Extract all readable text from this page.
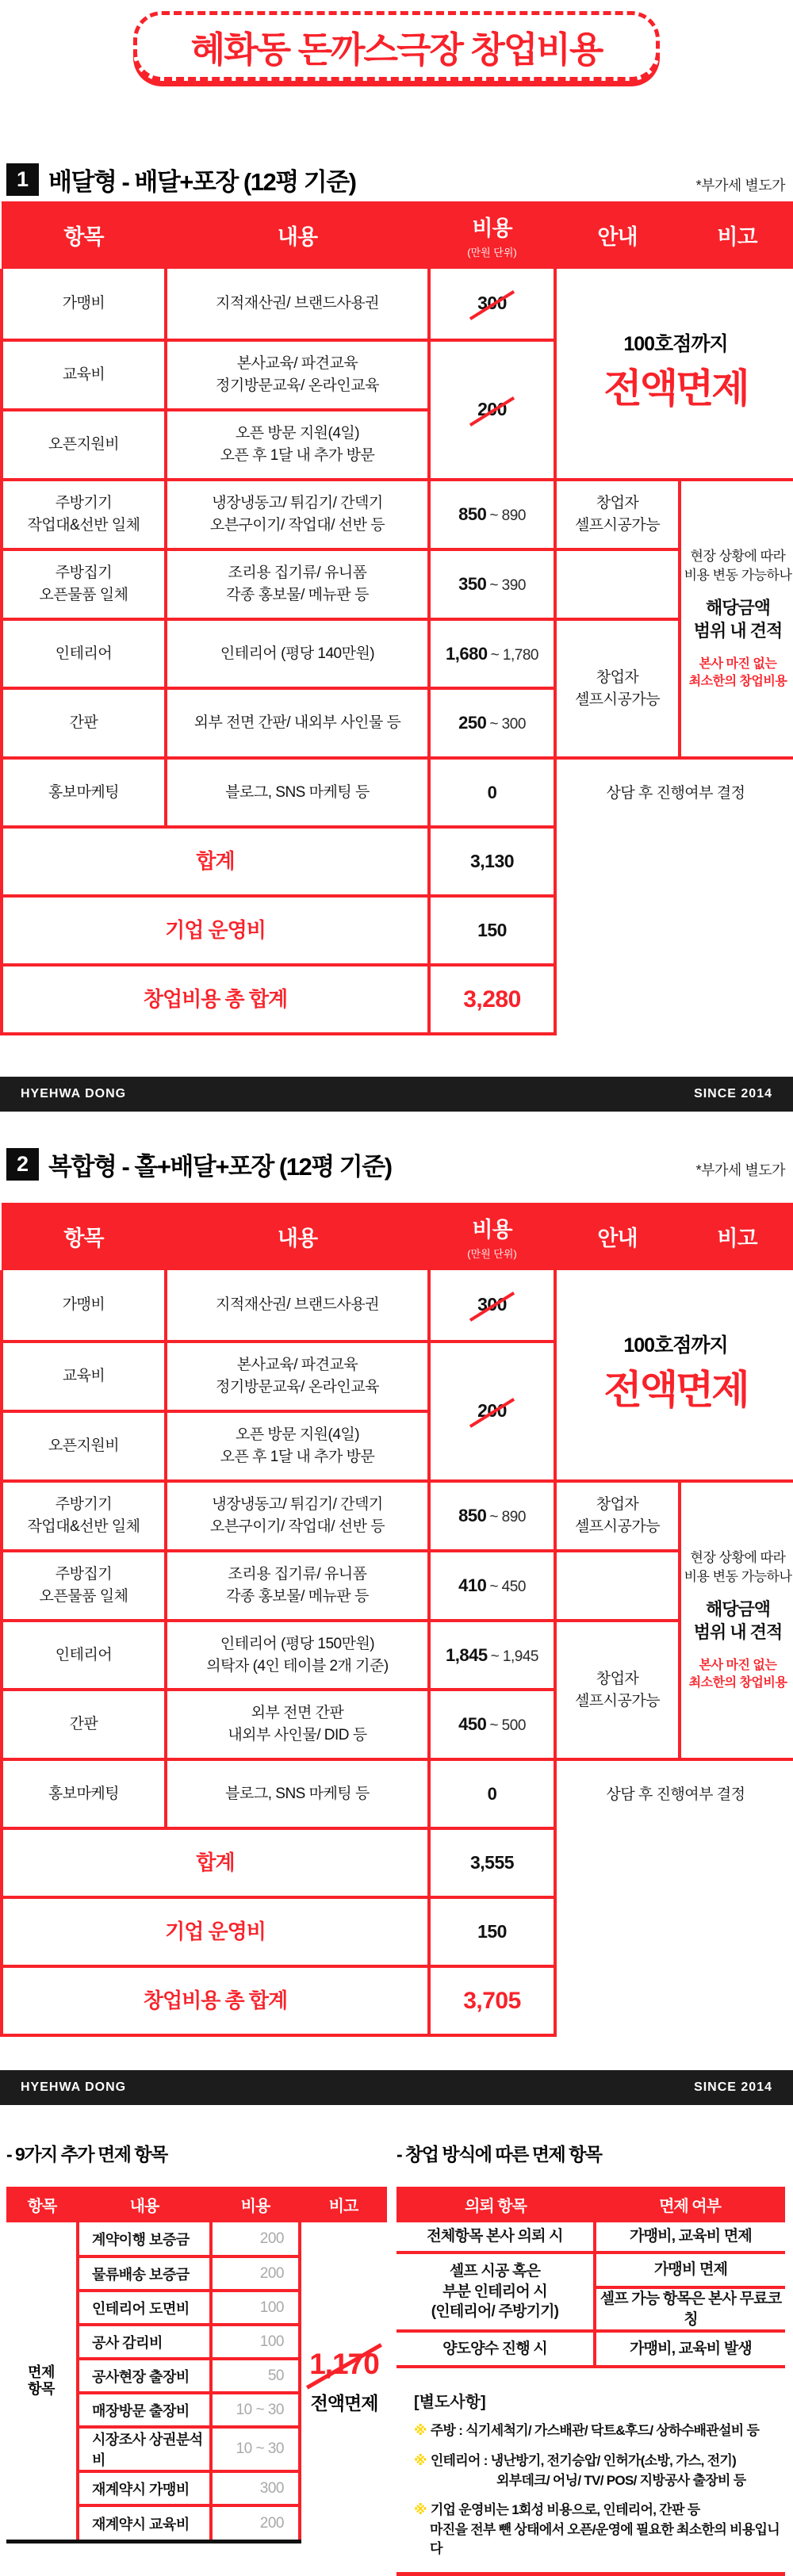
혜화동 돈까스극장 창업비용
1 배달형 - 배달+포장 (12평 기준)	*부가세 별도가
항목	내용	비용
(만원 단위)	안내	비고
가맹비	지적재산권/ 브랜드사용권	300	100호점까지
전액면제	

교육비	본사교육/ 파견교육
정기방문교육/ 온라인교육	200		
오픈지원비	오픈 방문 지원(4일)
오픈 후 1달 내 추가 방문			
주방기기
작업대&선반 일체	냉장냉동고/ 튀김기/ 간덱기
오븐구이기/ 작업대/ 선반 등	850 ~ 890	창업자
셀프시공가능

현장 상황에 따라
비용 변동 가능하나
해당금액
범위 내 견적
본사 마진 없는
최소한의 창업비용

주방집기
오픈물품 일체	조리용 집기류/ 유니폼
각종 홍보물/ 메뉴판 등	350 ~ 390		
인테리어	인테리어 (평당 140만원)	1,680 ~ 1,780	창업자
셀프시공가능	

간판	외부 전면 간판/ 내외부 사인물 등	250 ~ 300		
홍보마케팅	블로그, SNS 마케팅 등	0	상담 후 진행여부 결정	
합계		3,130		
기업 운영비		150		
창업비용 총 합계		3,280		
HYEHWA DONG	SINCE 2014
2 복합형 - 홀+배달+포장 (12평 기준)	*부가세 별도가
항목	내용	비용
(만원 단위)	안내	비고
가맹비	지적재산권/ 브랜드사용권	300	100호점까지
전액면제	

교육비	본사교육/ 파견교육
정기방문교육/ 온라인교육	200		
오픈지원비	오픈 방문 지원(4일)
오픈 후 1달 내 추가 방문			
주방기기
작업대&선반 일체	냉장냉동고/ 튀김기/ 간덱기
오븐구이기/ 작업대/ 선반 등	850 ~ 890	창업자
셀프시공가능

현장 상황에 따라
비용 변동 가능하나
해당금액
범위 내 견적
본사 마진 없는
최소한의 창업비용

주방집기
오픈물품 일체	조리용 집기류/ 유니폼
각종 홍보물/ 메뉴판 등	410 ~ 450		
인테리어	인테리어 (평당 150만원)
의탁자 (4인 테이블 2개 기준)	1,845 ~ 1,945	창업자
셀프시공가능	

간판	외부 전면 간판
내외부 사인물/ DID 등	450 ~ 500		
홍보마케팅	블로그, SNS 마케팅 등	0	상담 후 진행여부 결정	
합계		3,555		
기업 운영비		150		
창업비용 총 합계		3,705		
HYEHWA DONG	SINCE 2014
- 9가지 추가 면제 항목
항목	내용	비용	비고
면제
항목	계약이행 보증금	200	1,170
전액면제

	물류배송 보증금	200	
	인테리어 도면비	100	
	공사 감리비	100	
	공사현장 출장비	50	
	매장방문 출장비	10 ~ 30	
	시장조사 상권분석비	10 ~ 30	
	재계약시 가맹비	300	
	재계약시 교육비	200	
- 창업 방식에 따른 면제 항목
의뢰 항목	면제 여부
전체항목 본사 의뢰 시	가맹비, 교육비 면제
셀프 시공 혹은
부분 인테리어 시
(인테리어/ 주방기기)	가맹비 면제
	셀프 가능 항목은 본사 무료코칭
양도양수 진행 시	가맹비, 교육비 발생
[별도사항]
※ 주방 : 식기세척기/ 가스배관/ 닥트&후드/ 상하수배관설비 등
※ 인테리어 : 냉난방기, 전기승압/ 인허가(소방, 가스, 전기)
외부데크/ 어닝/ TV/ POS/ 지방공사 출장비 등
※ 기업 운영비는 1회성 비용으로, 인테리어, 간판 등
마진을 전부 뺀 상태에서 오픈/운영에 필요한 최소한의 비용입니다
